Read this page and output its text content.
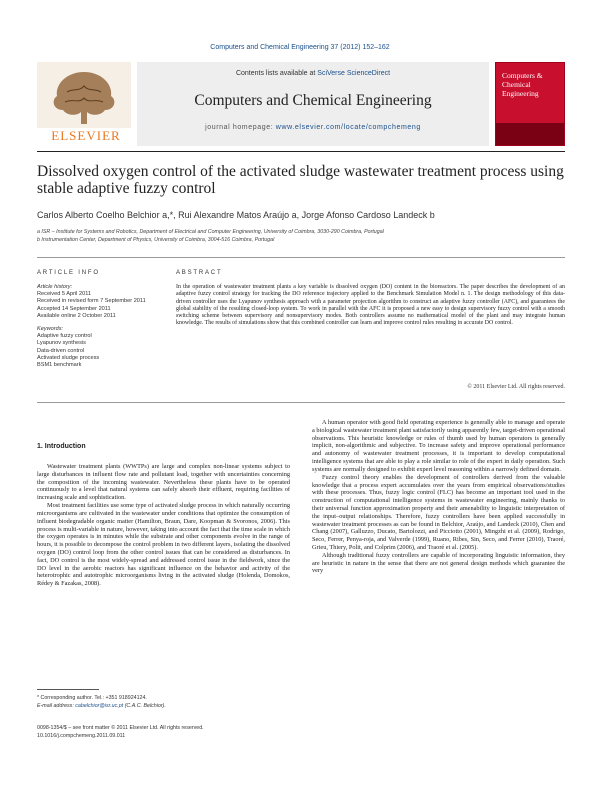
Computers and Chemical Engineering 37 (2012) 152–162
ELSEVIER
Contents lists available at SciVerse ScienceDirect
Computers and Chemical Engineering
journal homepage: www.elsevier.com/locate/compchemeng
Computers & Chemical Engineering
Dissolved oxygen control of the activated sludge wastewater treatment process using stable adaptive fuzzy control
Carlos Alberto Coelho Belchior a,*, Rui Alexandre Matos Araújo a, Jorge Afonso Cardoso Landeck b
a ISR – Institute for Systems and Robotics, Department of Electrical and Computer Engineering, University of Coimbra, 3030-290 Coimbra, Portugal
b Instrumentation Center, Department of Physics, University of Coimbra, 3004-516 Coimbra, Portugal
ARTICLE INFO	ABSTRACT
Article history:
Received 5 April 2011
Received in revised form 7 September 2011
Accepted 14 September 2011
Available online 2 October 2011
Keywords:
Adaptive fuzzy control
Lyapunov synthesis
Data-driven control
Activated sludge process
BSM1 benchmark
In the operation of wastewater treatment plants a key variable is dissolved oxygen (DO) content in the bioreactors. The paper describes the development of an adaptive fuzzy control strategy for tracking the DO reference trajectory applied to the Benchmark Simulation Model n. 1. The design methodology of this data-driven controller uses the Lyapunov synthesis approach with a parameter projection algorithm to construct an adaptive fuzzy controller (AFC), and guarantees the global stability of the resulting closed-loop system. To work in parallel with the AFC it is proposed a new easy to design supervisory fuzzy control with a smooth switching scheme between supervisory and nonsupervisory modes. Both controllers assume no mathematical model of the plant and may integrate human knowledge. The results of simulations show that this combined controller can learn and improve control rules resulting in accurate DO control.
© 2011 Elsevier Ltd. All rights reserved.
1. Introduction

Wastewater treatment plants (WWTPs) are large and complex non-linear systems subject to large disturbances in influent flow rate and pollutant load, together with uncertainties concerning the composition of the incoming wastewater. Nevertheless these plants have to be operated continuously to a level that natural systems can safely absorb their effluent, requiring facilities of increasing scale and sophistication.

Most treatment facilities use some type of activated sludge process in which naturally occurring microorganisms are cultivated in the wastewater under conditions that optimize the consumption of influent biodegradable organic matter (Hamilton, Braun, Dare, Koopman & Svoronos, 2006). This process is multi-variable in nature, however, taking into account the fact that the time scale in which the oxygen operates is in minutes while the substrate and other components evolve in the range of hours, it is possible to decompose the control problem in two different layers, isolating the dissolved oxygen (DO) control loop from the other control issues that can be considered as disturbances. In fact, DO control is the most widely-spread and addressed control issue in the fieldwork, since the DO level in the aerobic reactors has significant influence on the behavior and activity of the heterotrophic and autotrophic microorganisms living in the activated sludge (Holenda, Domokos, Rédey & Fazakas, 2008).

A human operator with good field operating experience is generally able to manage and operate a biological wastewater treatment plant satisfactorily using apparently few, target-driven operational observations. This heuristic knowledge or rules of thumb used by human operators is generally implicit, non-algorithmic and subjective. To increase safety and improve operational performance and autonomy of wastewater treatment processes, it is important to develop computational intelligence systems that are able to play a role similar to role of the expert in daily operation. Such systems are normally designed to exhibit expert level reasoning within a narrowly defined domain.

Fuzzy control theory enables the development of controllers derived from the valuable knowledge that a process expert accumulates over the years from empirical observations/studies with these processes. Thus, fuzzy logic control (FLC) has become an important tool used in the construction of computational intelligence systems in wastewater engineering, mainly thanks to their universal function approximation property and their amenability to linguistic interpretation of the input–output relationships. Therefore, fuzzy controllers have been applied successfully in wastewater treatment processes as can be found in Belchior, Araújo, and Landeck (2010), Chen and Chang (2007), Galluzzo, Ducato, Bartolozzi, and Picciotto (2001), Mingzhi et al. (2009), Rodrigo, Seco, Ferrer, Penya-roja, and Valverde (1999), Ruano, Ribes, Sin, Seco, and Ferrer (2010), Traoré, Grieu, Thiery, Polit, and Colprim (2006), and Traoré et al. (2005).

Although traditional fuzzy controllers are capable of incorporating linguistic information, they are heuristic in nature in the sense that there are not general design methods which guarantee the very

* Corresponding author. Tel.: +351 918924124.
E-mail address: cabelchior@isr.uc.pt (C.A.C. Belchior).
0098-1354/$ – see front matter © 2011 Elsevier Ltd. All rights reserved.
10.1016/j.compchemeng.2011.09.011
